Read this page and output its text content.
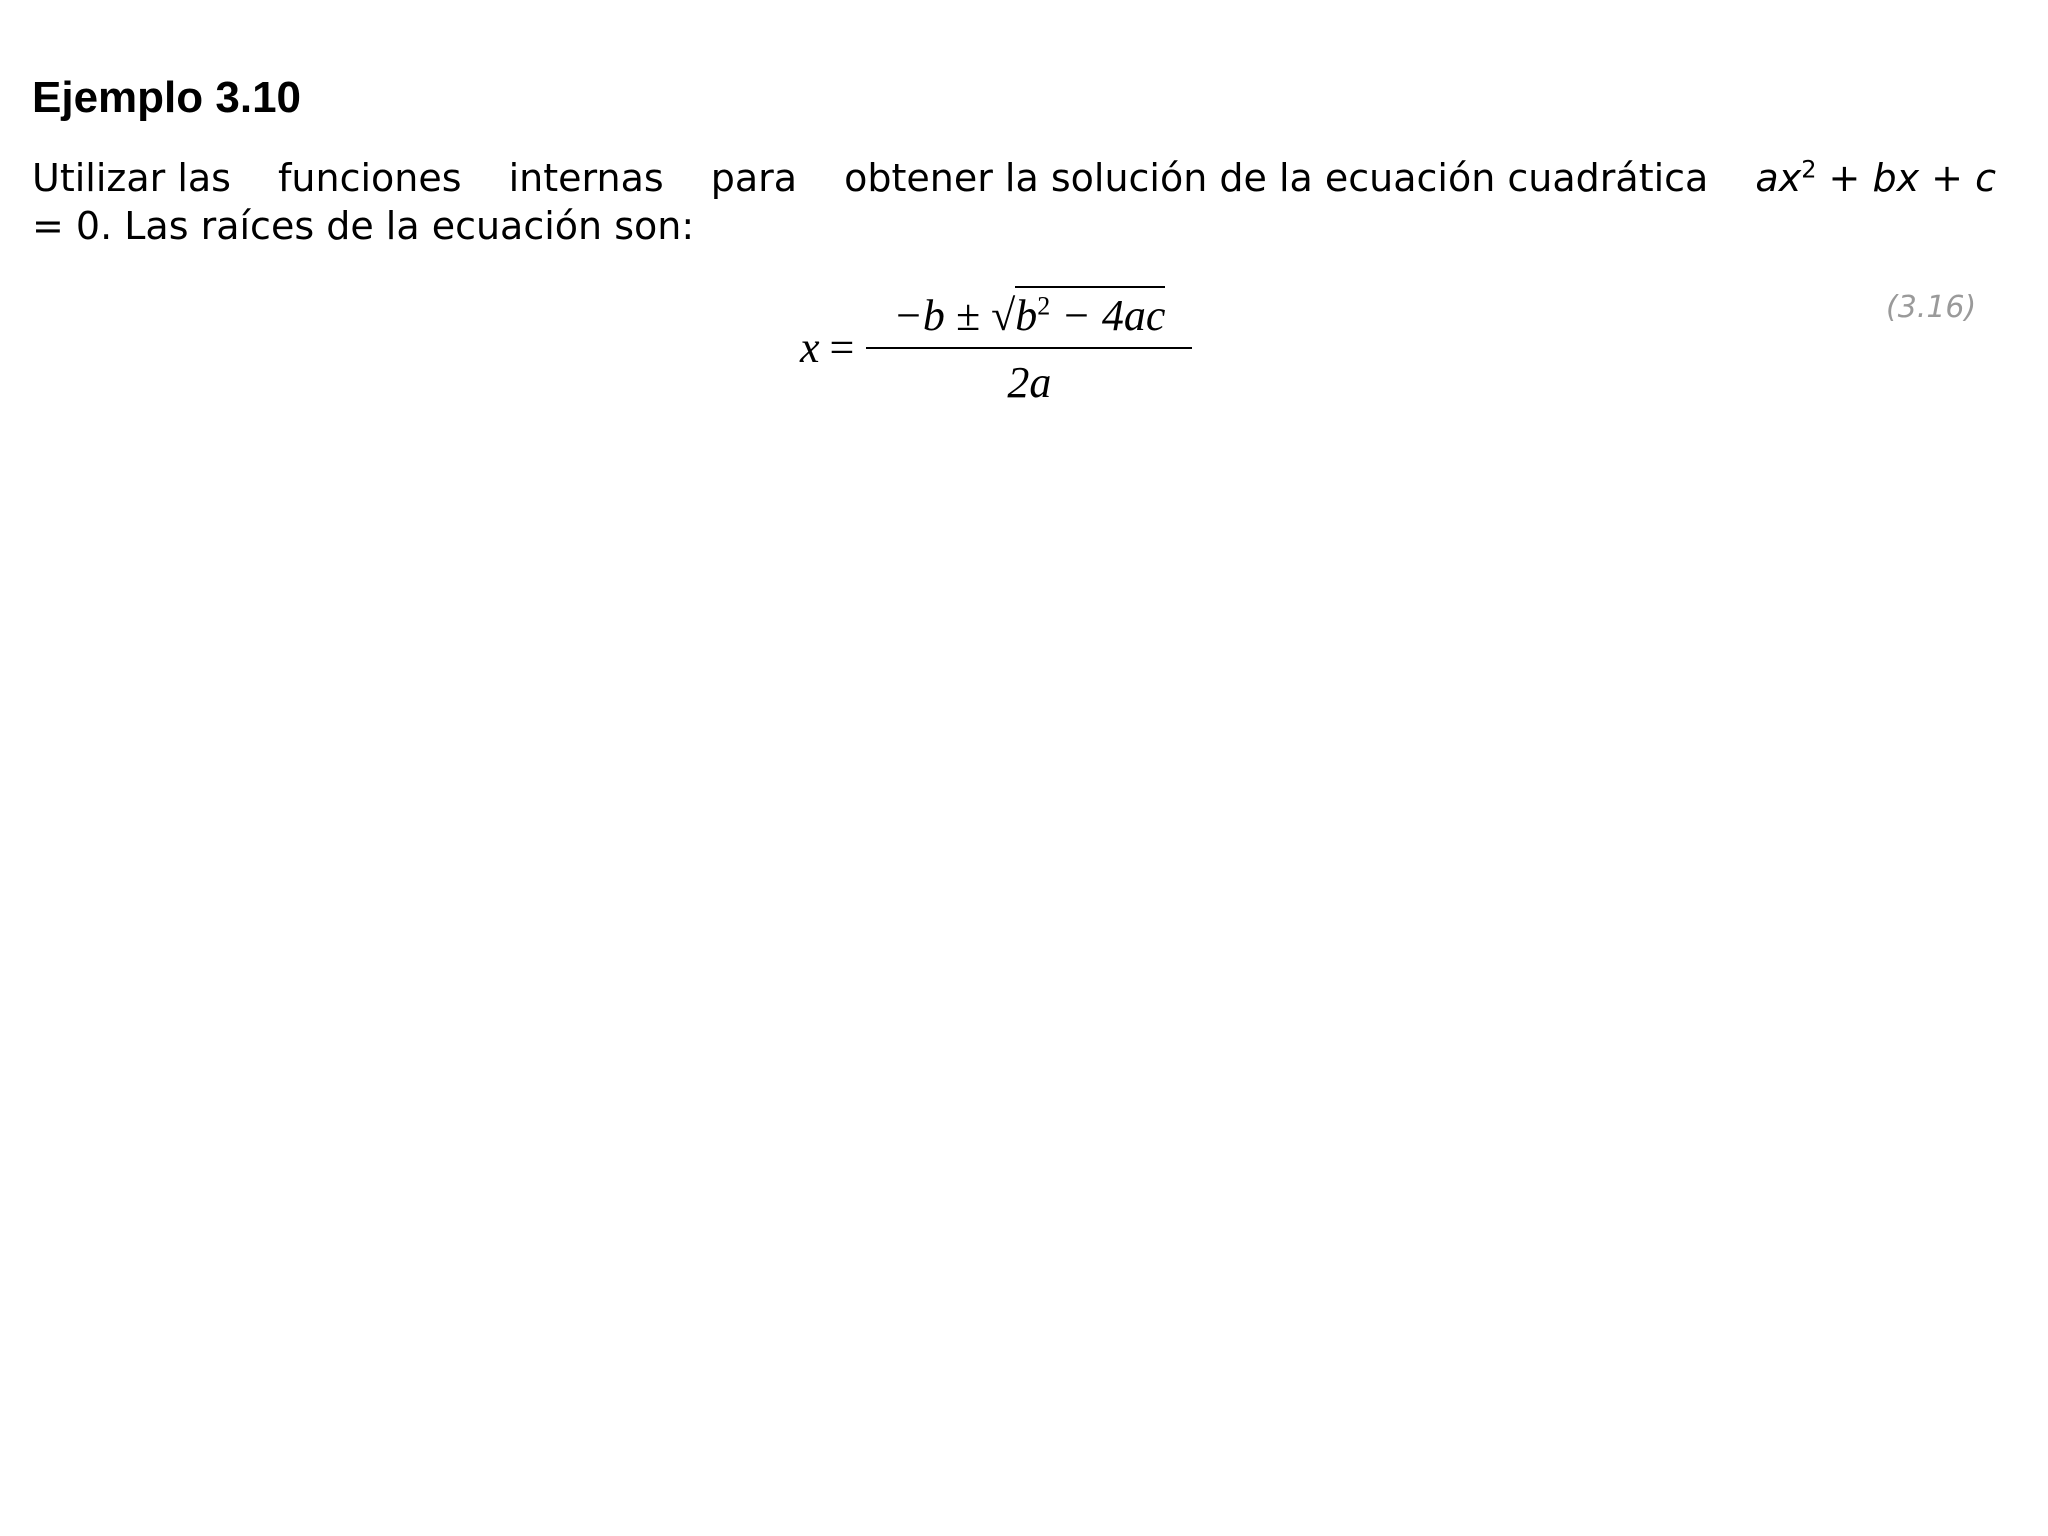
Ejemplo 3.10
Utilizar las funciones internas para obtener la solución de la ecuación cuadrática $ax^2$ + bx + c
= 0. Las raíces de la ecuación son:
$x = \frac{-b \pm √b^2 - 4ac}{2a}$	(3.16)
